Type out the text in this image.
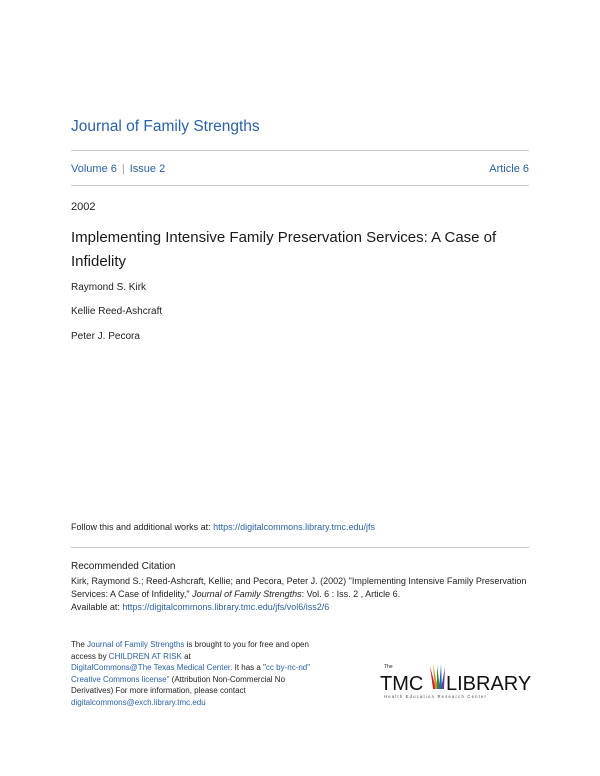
Journal of Family Strengths
Volume 6 | Issue 2	Article 6
2002
Implementing Intensive Family Preservation Services: A Case of Infidelity
Raymond S. Kirk
Kellie Reed-Ashcraft
Peter J. Pecora
Follow this and additional works at: https://digitalcommons.library.tmc.edu/jfs
Recommended Citation
Kirk, Raymond S.; Reed-Ashcraft, Kellie; and Pecora, Peter J. (2002) "Implementing Intensive Family Preservation Services: A Case of Infidelity," Journal of Family Strengths: Vol. 6 : Iss. 2 , Article 6.
Available at: https://digitalcommons.library.tmc.edu/jfs/vol6/iss2/6
The Journal of Family Strengths is brought to you for free and open access by CHILDREN AT RISK at
DigitalCommons@The Texas Medical Center. It has a "cc by-nc-nd" Creative Commons license" (Attribution Non-Commercial No Derivatives) For more information, please contact digitalcommons@exch.library.tmc.edu
The
TMC LIBRARY
Health Education Research Center
